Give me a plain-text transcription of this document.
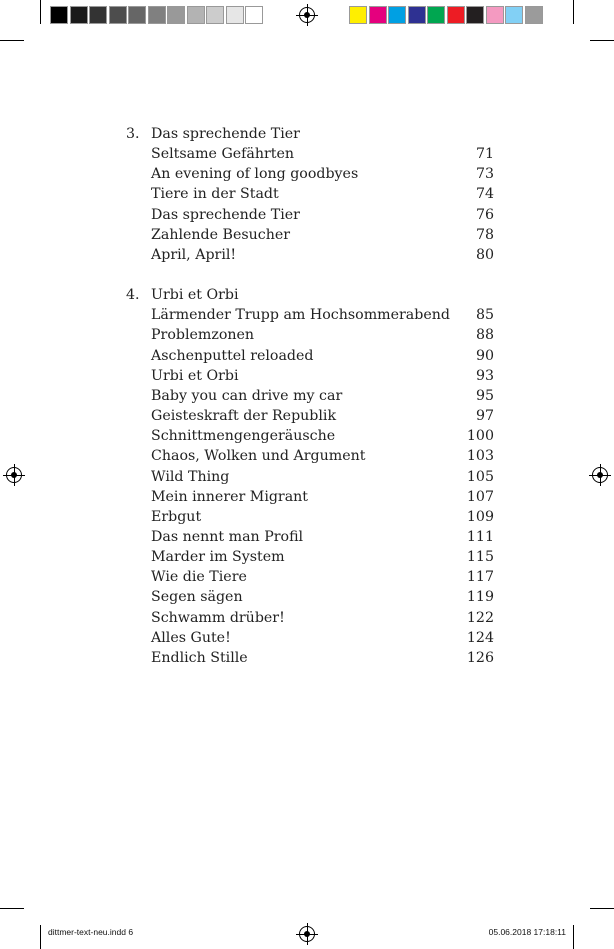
3. Das sprechende Tier
Seltsame Gefährten	71
An evening of long goodbyes	73
Tiere in der Stadt	74
Das sprechende Tier	76
Zahlende Besucher	78
April, April!	80
4. Urbi et Orbi
Lärmender Trupp am Hochsommerabend 85
Problemzonen	88
Aschenputtel reloaded	90
Urbi et Orbi	93
Baby you can drive my car	95
Geisteskraft der Republik	97
Schnittmengengeräusche	100
Chaos, Wolken und Argument	103
Wild Thing	105
Mein innerer Migrant	107
Erbgut	109
Das nennt man Profil	111
Marder im System	115
Wie die Tiere	117
Segen sägen	119
Schwamm drüber!	122
Alles Gute!	124
Endlich Stille	126
dittmer-text-neu.indd 6	05.06.2018 17:18:11
